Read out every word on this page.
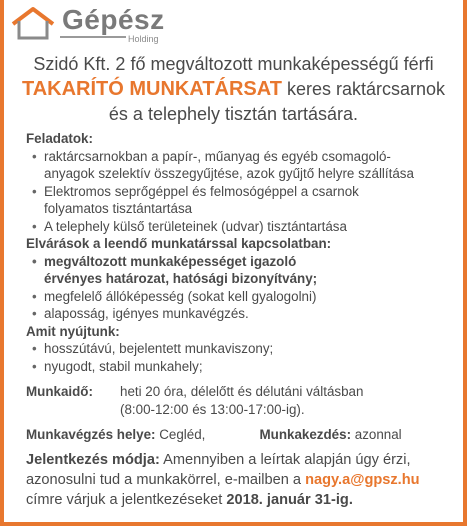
Gépész
Holding
Szidó Kft. 2 fő megváltozott munkaképességű férfi
TAKARÍTÓ MUNKATÁRSAT keres raktárcsarnok
és a telephely tisztán tartására.
Feladatok:
• raktárcsarnokban a papír-, műanyag és egyéb csomagoló-
anyagok szelektív összegyűjtése, azok gyűjtő helyre szállítása
• Elektromos seprőgéppel és felmosógéppel a csarnok
folyamatos tisztántartása
• A telephely külső területeinek (udvar) tisztántartása
Elvárások a leendő munkatárssal kapcsolatban:
• megváltozott munkaképességet igazoló
érvényes határozat, hatósági bizonyítvány;
• megfelelő állóképesség (sokat kell gyalogolni)
• alaposság, igényes munkavégzés.
Amit nyújtunk:
• hosszútávú, bejelentett munkaviszony;
• nyugodt, stabil munkahely;
Munkaidő:	heti 20 óra, délelőtt és délutáni váltásban
(8:00-12:00 és 13:00-17:00-ig).
Munkavégzés helye: Cegléd,	Munkakezdés: azonnal
Jelentkezés módja: Amennyiben a leírtak alapján úgy érzi,
azonosulni tud a munkakörrel, e-mailben a nagy.a@gpsz.hu
címre várjuk a jelentkezéseket 2018. január 31-ig.
